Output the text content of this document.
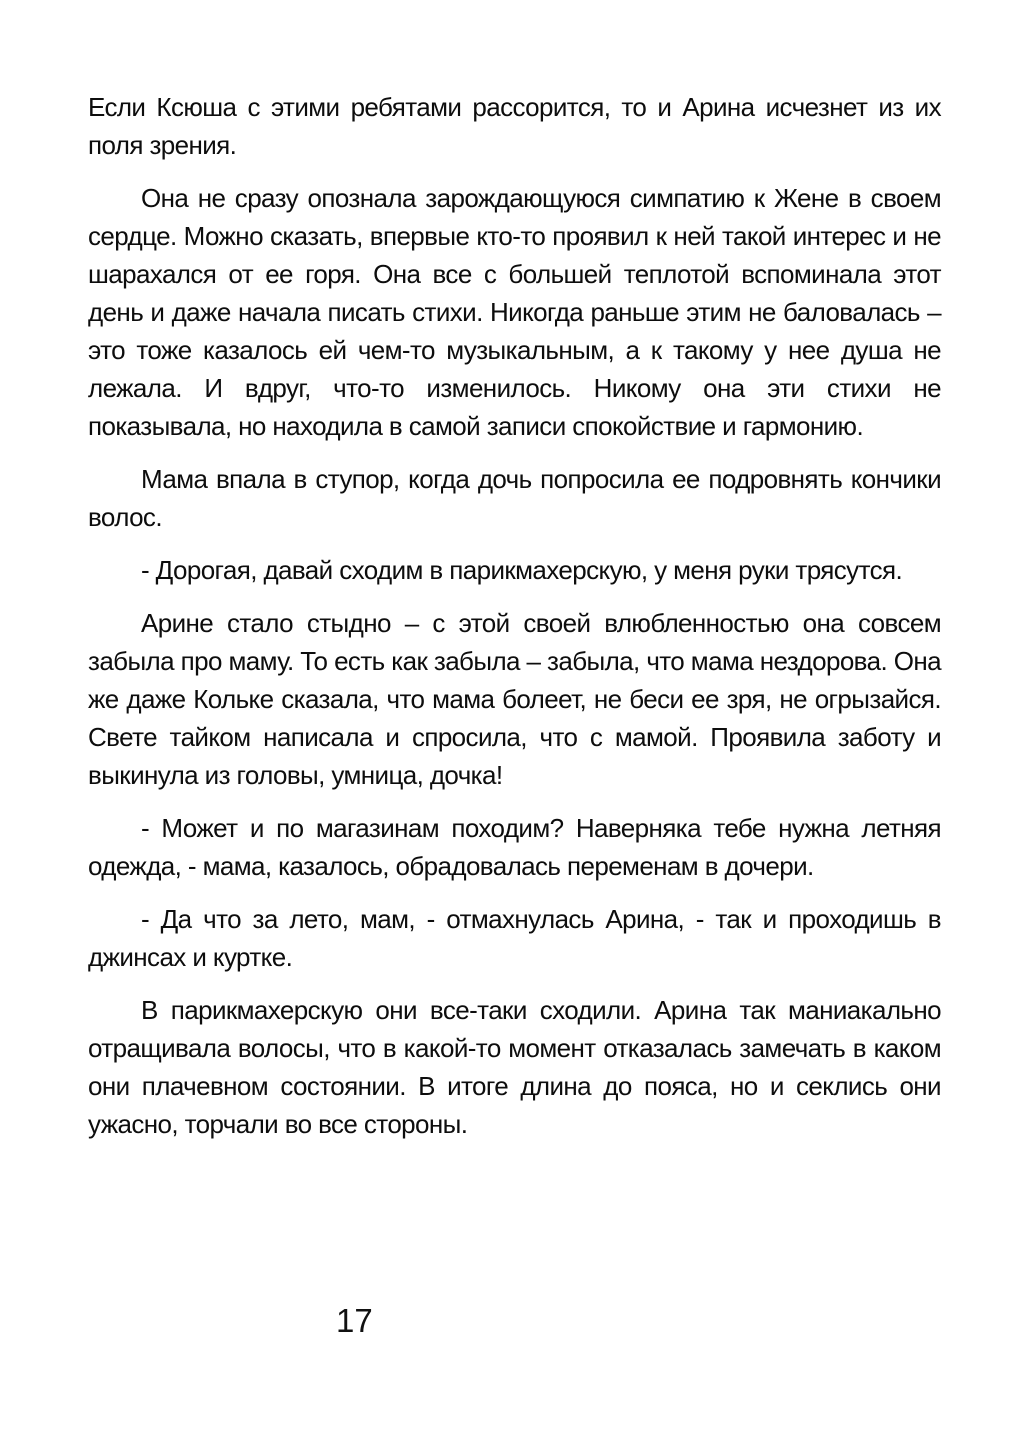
Если Ксюша с этими ребятами рассорится, то и Арина исчезнет из их поля зрения.

Она не сразу опознала зарождающуюся симпатию к Жене в своем сердце. Можно сказать, впервые кто-то проявил к ней такой интерес и не шарахался от ее горя. Она все с большей теплотой вспоминала этот день и даже начала писать стихи. Никогда раньше этим не баловалась – это тоже казалось ей чем-то музыкальным, а к такому у нее душа не лежала. И вдруг, что-то изменилось. Никому она эти стихи не показывала, но находила в самой записи спокойствие и гармонию.

Мама впала в ступор, когда дочь попросила ее подровнять кончики волос.

- Дорогая, давай сходим в парикмахерскую, у меня руки трясутся.

Арине стало стыдно – с этой своей влюбленностью она совсем забыла про маму. То есть как забыла – забыла, что мама нездорова. Она же даже Кольке сказала, что мама болеет, не беси ее зря, не огрызайся. Свете тайком написала и спросила, что с мамой. Проявила заботу и выкинула из головы, умница, дочка!

- Может и по магазинам походим? Наверняка тебе нужна летняя одежда, - мама, казалось, обрадовалась переменам в дочери.

- Да что за лето, мам, - отмахнулась Арина, - так и проходишь в джинсах и куртке.

В парикмахерскую они все-таки сходили. Арина так маниакально отращивала волосы, что в какой-то момент отказалась замечать в каком они плачевном состоянии. В итоге длина до пояса, но и секлись они ужасно, торчали во все стороны.

17
